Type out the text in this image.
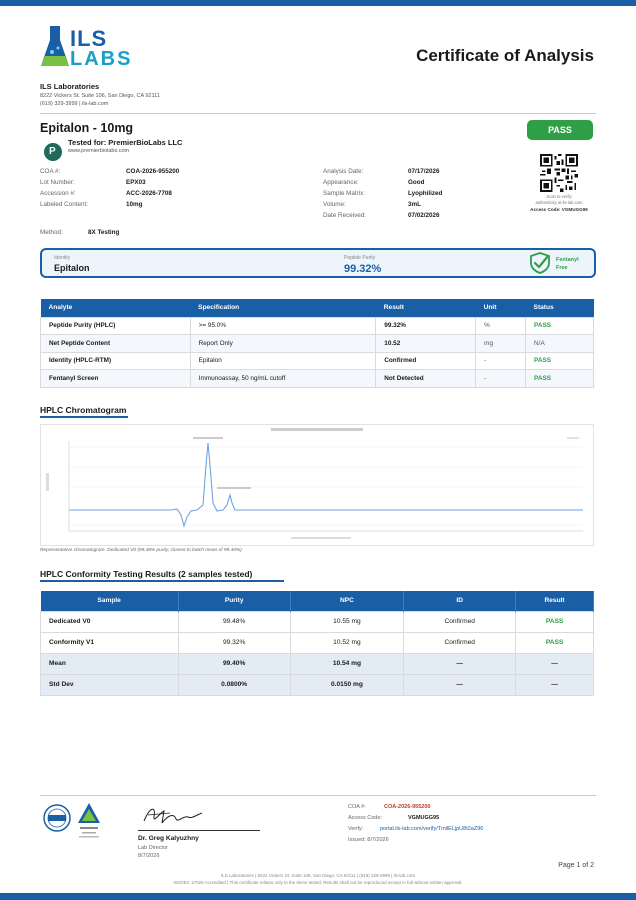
ILS
LABS	Certificate of Analysis
ILS Laboratories
8222 Vickers St. Suite 106, San Diego, CA 92111
(619) 329-3999 | ils-lab.com
Epitalon - 10mg	PASS
P
Tested for: PremierBioLabs LLC
www.premierbiolabs.com
COA #:	COA-2026-955200
Lot Number:	EPX03
Accession #:	ACC-2026-7708
Labeled Content:	10mg
Analysis Date:	07/17/2026
Appearance:	Good
Sample Matrix:	Lyophilized
Volume:	3mL
Date Received:	07/02/2026
Scan to verify
authenticity at ils-lab.com
Access Code: VGMUGG95
Method:	8X Testing
Identity
Epitalon
Peptide Purity
99.32%
Fentanyl
Free
Analyte	Specification	Result	Unit	Status
Peptide Purity (HPLC)	>= 95.0%	99.32%	%	PASS
Net Peptide Content	Report Only	10.52	mg	N/A
Identity (HPLC-RTM)	Epitalon	Confirmed	-	PASS
Fentanyl Screen	Immunoassay, 50 ng/mL cutoff	Not Detected	-	PASS
HPLC Chromatogram
Representative chromatogram. Dedicated V0 (99.48% purity, closest to batch mean of 99.40%)
HPLC Conformity Testing Results (2 samples tested)
Sample	Purity	NPC	ID	Result
Dedicated V0	99.48%	10.55 mg	Confirmed	PASS
Conformity V1	99.32%	10.52 mg	Confirmed	PASS
Mean	99.40%	10.54 mg	—	—
Std Dev	0.0800%	0.0150 mg	—	—
Dr. Greg Kalyuzhny
Lab Director
8/7/2026
COA #:	COA-2026-955200
Access Code:	VGMUGG95
Verify:	portal.ils-lab.com/verify/TmilELjpU8t2aZ96
Issued: 8/7/2026
Page 1 of 2
ILS Laboratories | 8222 Vickers St. Suite 106, San Diego, CA 92111 | (619) 329-3999 | ils-lab.com
ISO/IEC 17025 Accredited | This certificate relates only to the items tested. Results shall not be reproduced except in full without written approval.
